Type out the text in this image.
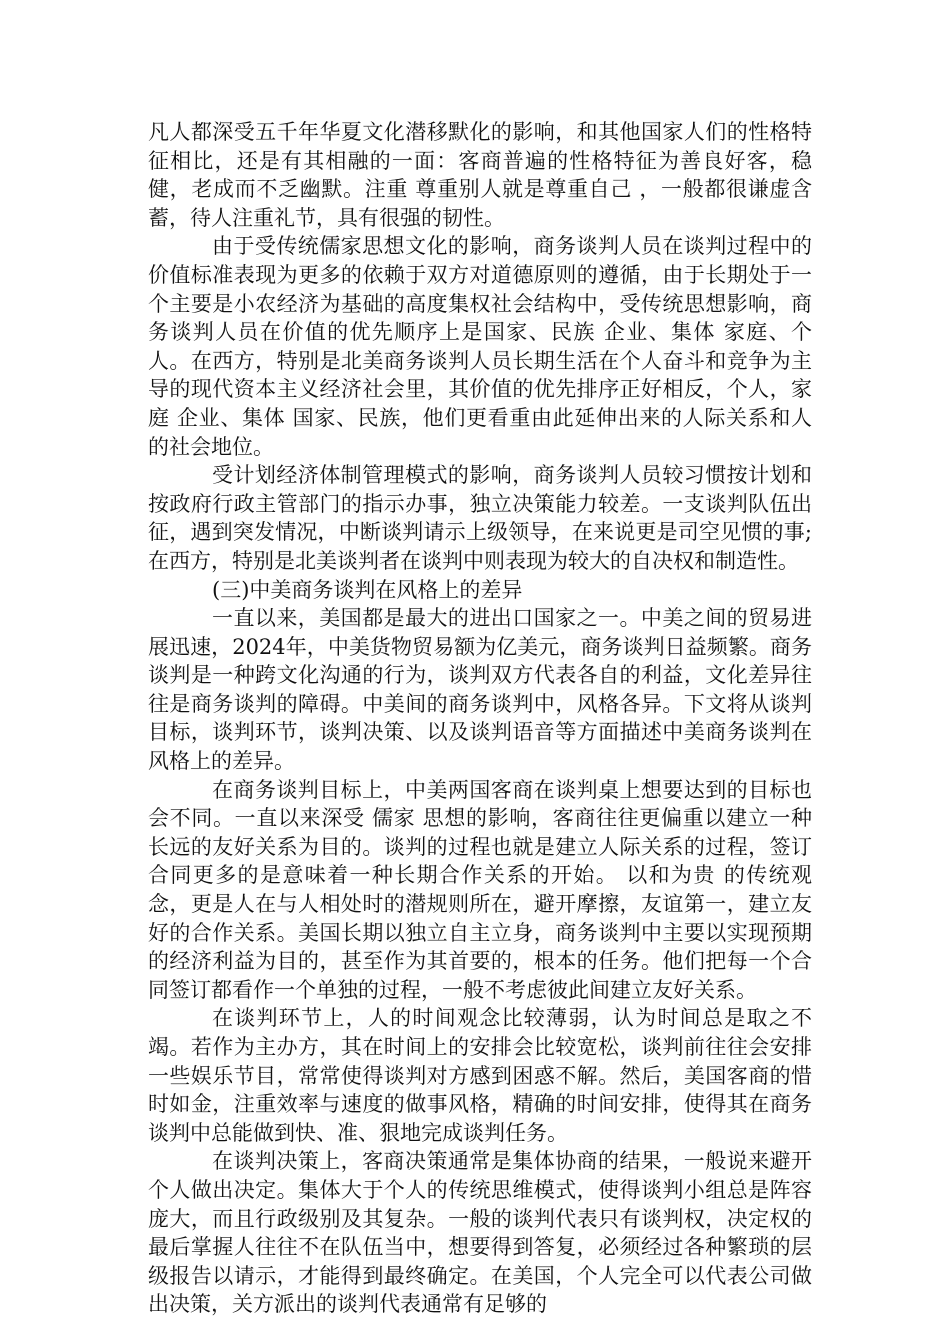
凡人都深受五千年华夏文化潜移默化的影响，和其他国家人们的性格特征相比，还是有其相融的一面：客商普遍的性格特征为善良好客，稳健，老成而不乏幽默。注重 尊重别人就是尊重自己 ，一般都很谦虚含蓄，待人注重礼节，具有很强的韧性。

由于受传统儒家思想文化的影响，商务谈判人员在谈判过程中的价值标准表现为更多的依赖于双方对道德原则的遵循，由于长期处于一个主要是小农经济为基础的高度集权社会结构中，受传统思想影响，商务谈判人员在价值的优先顺序上是国家、民族 企业、集体 家庭、个人。在西方，特别是北美商务谈判人员长期生活在个人奋斗和竞争为主导的现代资本主义经济社会里，其价值的优先排序正好相反，个人，家庭 企业、集体 国家、民族，他们更看重由此延伸出来的人际关系和人的社会地位。

受计划经济体制管理模式的影响，商务谈判人员较习惯按计划和按政府行政主管部门的指示办事，独立决策能力较差。一支谈判队伍出征，遇到突发情况，中断谈判请示上级领导，在来说更是司空见惯的事;在西方，特别是北美谈判者在谈判中则表现为较大的自决权和制造性。

(三)中美商务谈判在风格上的差异

一直以来，美国都是最大的进出口国家之一。中美之间的贸易进展迅速，2024年，中美货物贸易额为亿美元，商务谈判日益频繁。商务谈判是一种跨文化沟通的行为，谈判双方代表各自的利益，文化差异往往是商务谈判的障碍。中美间的商务谈判中，风格各异。下文将从谈判目标，谈判环节，谈判决策、以及谈判语音等方面描述中美商务谈判在风格上的差异。

在商务谈判目标上，中美两国客商在谈判桌上想要达到的目标也会不同。一直以来深受 儒家 思想的影响，客商往往更偏重以建立一种长远的友好关系为目的。谈判的过程也就是建立人际关系的过程，签订合同更多的是意味着一种长期合作关系的开始。 以和为贵 的传统观念，更是人在与人相处时的潜规则所在，避开摩擦，友谊第一，建立友好的合作关系。美国长期以独立自主立身，商务谈判中主要以实现预期的经济利益为目的，甚至作为其首要的，根本的任务。他们把每一个合同签订都看作一个单独的过程，一般不考虑彼此间建立友好关系。

在谈判环节上，人的时间观念比较薄弱，认为时间总是取之不竭。若作为主办方，其在时间上的安排会比较宽松，谈判前往往会安排一些娱乐节目，常常使得谈判对方感到困惑不解。然后，美国客商的惜时如金，注重效率与速度的做事风格，精确的时间安排，使得其在商务谈判中总能做到快、准、狠地完成谈判任务。

在谈判决策上，客商决策通常是集体协商的结果，一般说来避开个人做出决定。集体大于个人的传统思维模式，使得谈判小组总是阵容庞大，而且行政级别及其复杂。一般的谈判代表只有谈判权，决定权的最后掌握人往往不在队伍当中，想要得到答复，必须经过各种繁琐的层级报告以请示，才能得到最终确定。在美国，个人完全可以代表公司做出决策，关方派出的谈判代表通常有足够的
